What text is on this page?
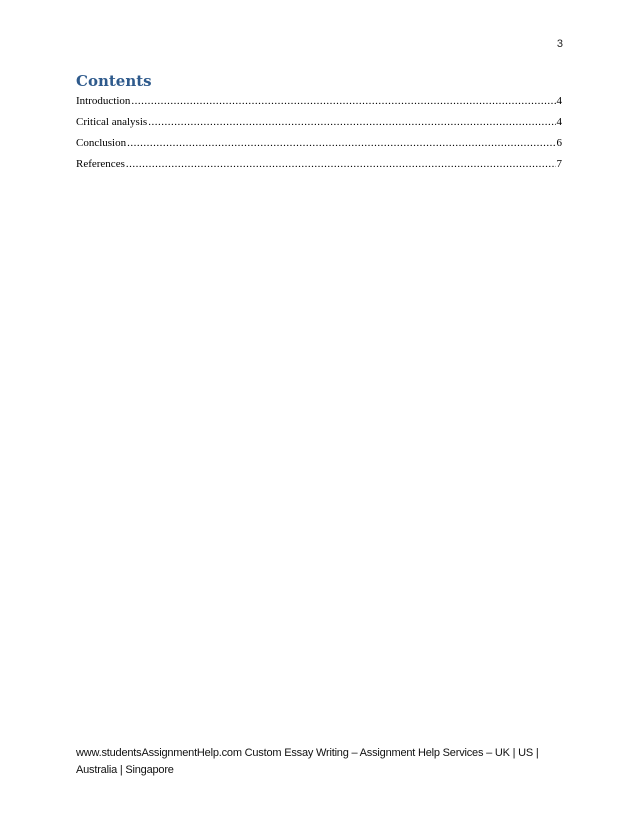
3
Contents
Introduction .....	4
Critical analysis .....	4
Conclusion .....	6
References .....	7
www.studentsAssignmentHelp.com Custom Essay Writing – Assignment Help Services – UK | US | Australia | Singapore
